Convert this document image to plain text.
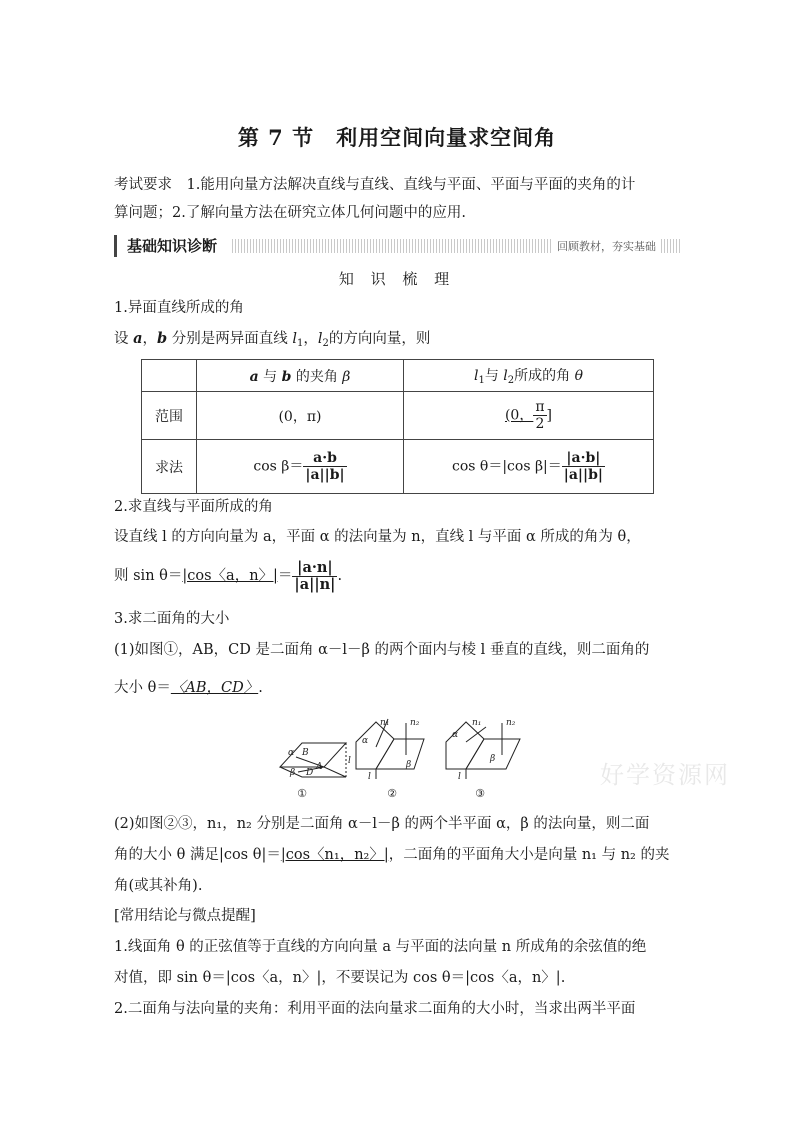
第 7 节　利用空间向量求空间角
考试要求　 1.能用向量方法解决直线与直线、直线与平面、平面与平面的夹角的计
算问题；2.了解向量方法在研究立体几何问题中的应用.
基础知识诊断	回顾教材，夯实基础
知 识 梳 理
1.异面直线所成的角
设 a，b 分别是两异面直线 $l_1$，$l_2$的方向向量，则
	a 与 b 的夹角 β	$l_1$与 $l_2$所成的角 θ
范围	(0，π)	(0， $\frac{\pi}{2}$ ]
求法	$\cos \beta= \frac{a\cdot b}{|a||b|}$	cos θ＝|cos $\beta|= \frac{|a\cdot b|}{|a||b|}$
2.求直线与平面所成的角
设直线 l 的方向向量为 a，平面 α 的法向量为 n，直线 l 与平面 α 所成的角为 θ，
则 sin θ＝|cos〈a，n〉|＝ $\frac{|a\cdot n|}{|a||n|}$ .
3.求二面角的大小
(1)如图①，AB，CD 是二面角 α－l－β 的两个面内与棱 l 垂直的直线，则二面角的
大小 θ＝〈AB，CD〉.
α B
β D
A
l
α
n₁ n₂
β
l
α
n₁	n₂
β
l
①	②	③
好学资源网
(2)如图②③，n₁，n₂ 分别是二面角 α－l－β 的两个半平面 α，β 的法向量，则二面
角的大小 θ 满足|cos θ|＝|cos〈n₁，n₂〉|，二面角的平面角大小是向量 n₁ 与 n₂ 的夹
角(或其补角).
[常用结论与微点提醒]
1.线面角 θ 的正弦值等于直线的方向向量 a 与平面的法向量 n 所成角的余弦值的绝
对值，即 sin θ＝|cos〈a，n〉|，不要误记为 cos θ＝|cos〈a，n〉|.
2.二面角与法向量的夹角：利用平面的法向量求二面角的大小时，当求出两半平面
